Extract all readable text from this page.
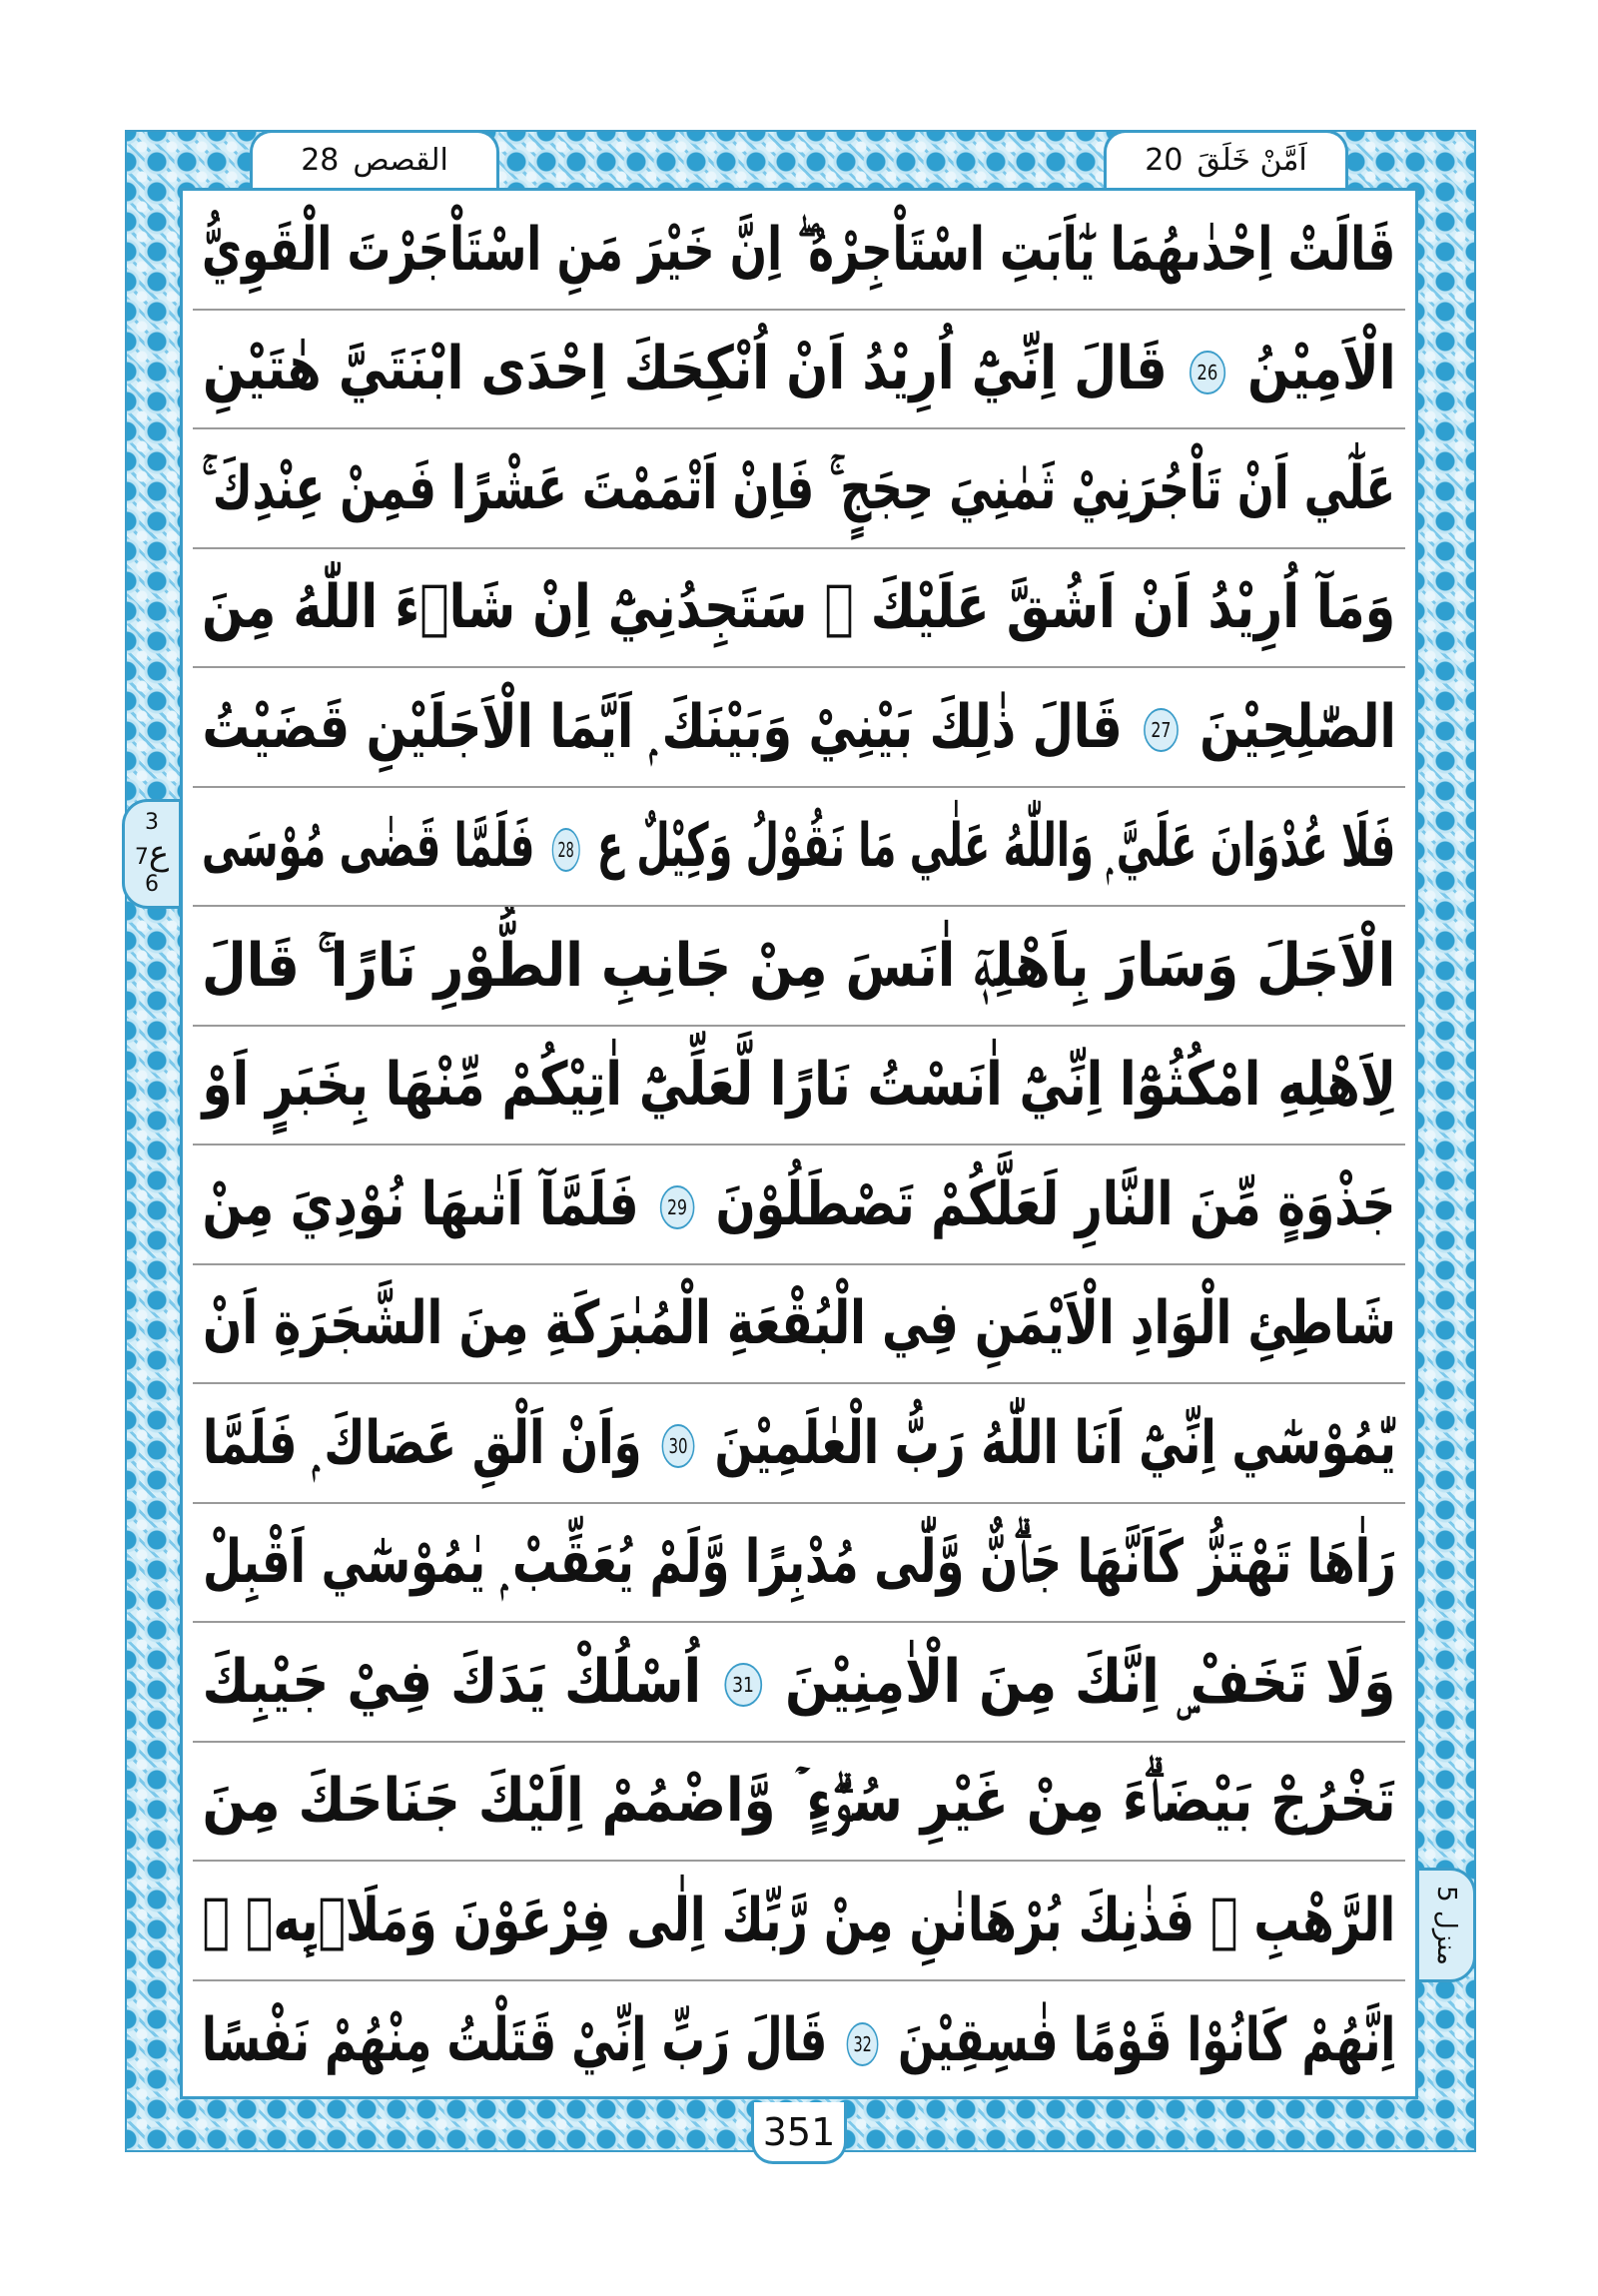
القصص
28	اَمَّنْ خَلَقَ
20
قَالَتْ اِحْدٰىهُمَا يٰٓاَبَتِ اسْتَاْجِرْهُ ۖ اِنَّ خَيْرَ مَنِ اسْتَاْجَرْتَ الْقَوِيُّ
الْاَمِيْنُ 26 قَالَ اِنِّيْٓ اُرِيْدُ اَنْ اُنْكِحَكَ اِحْدَى ابْنَتَيَّ هٰتَيْنِ
عَلٰٓي اَنْ تَاْجُرَنِيْ ثَمٰنِيَ حِجَجٍ ۚ فَاِنْ اَتْمَمْتَ عَشْرًا فَمِنْ عِنْدِكَ ۚ
وَمَآ اُرِيْدُ اَنْ اَشُقَّ عَلَيْكَ ۭ سَتَجِدُنِيْٓ اِنْ شَاۗءَ اللّٰهُ مِنَ
الصّٰلِحِيْنَ 27 قَالَ ذٰلِكَ بَيْنِيْ وَبَيْنَكَ ۭ اَيَّمَا الْاَجَلَيْنِ قَضَيْتُ
فَلَا عُدْوَانَ عَلَيَّ ۭ وَاللّٰهُ عَلٰي مَا نَقُوْلُ وَكِيْلٌ ع 28 فَلَمَّا قَضٰى مُوْسَى
الْاَجَلَ وَسَارَ بِاَهْلِهٖٓ اٰنَسَ مِنْ جَانِبِ الطُّوْرِ نَارًا ۚ قَالَ
لِاَهْلِهِ امْكُثُوْٓا اِنِّيْٓ اٰنَسْتُ نَارًا لَّعَلِّيْٓ اٰتِيْكُمْ مِّنْهَا بِخَبَرٍ اَوْ
جَذْوَةٍ مِّنَ النَّارِ لَعَلَّكُمْ تَصْطَلُوْنَ 29 فَلَمَّآ اَتٰىهَا نُوْدِيَ مِنْ
شَاطِئِ الْوَادِ الْاَيْمَنِ فِي الْبُقْعَةِ الْمُبٰرَكَةِ مِنَ الشَّجَرَةِ اَنْ
يّٰمُوْسٰٓي اِنِّيْٓ اَنَا اللّٰهُ رَبُّ الْعٰلَمِيْنَ 30 وَاَنْ اَلْقِ عَصَاكَ ۭ فَلَمَّا
رَاٰهَا تَهْتَزُّ كَاَنَّهَا جَاۗنٌّ وَّلّٰى مُدْبِرًا وَّلَمْ يُعَقِّبْ ۭ يٰمُوْسٰٓي اَقْبِلْ
وَلَا تَخَفْ ۣ اِنَّكَ مِنَ الْاٰمِنِيْنَ 31 اُسْلُكْ يَدَكَ فِيْ جَيْبِكَ
تَخْرُجْ بَيْضَاۗءَ مِنْ غَيْرِ سُوْۗءٍ ۡ وَّاضْمُمْ اِلَيْكَ جَنَاحَكَ مِنَ
الرَّهْبِ ۖ فَذٰنِكَ بُرْهَانٰنِ مِنْ رَّبِّكَ اِلٰى فِرْعَوْنَ وَمَلَا۟ىِٕهٖ ۭ
اِنَّهُمْ كَانُوْا قَوْمًا فٰسِقِيْنَ 32 قَالَ رَبِّ اِنِّيْ قَتَلْتُ مِنْهُمْ نَفْسًا
3
ع7
6
منزل 5
351
